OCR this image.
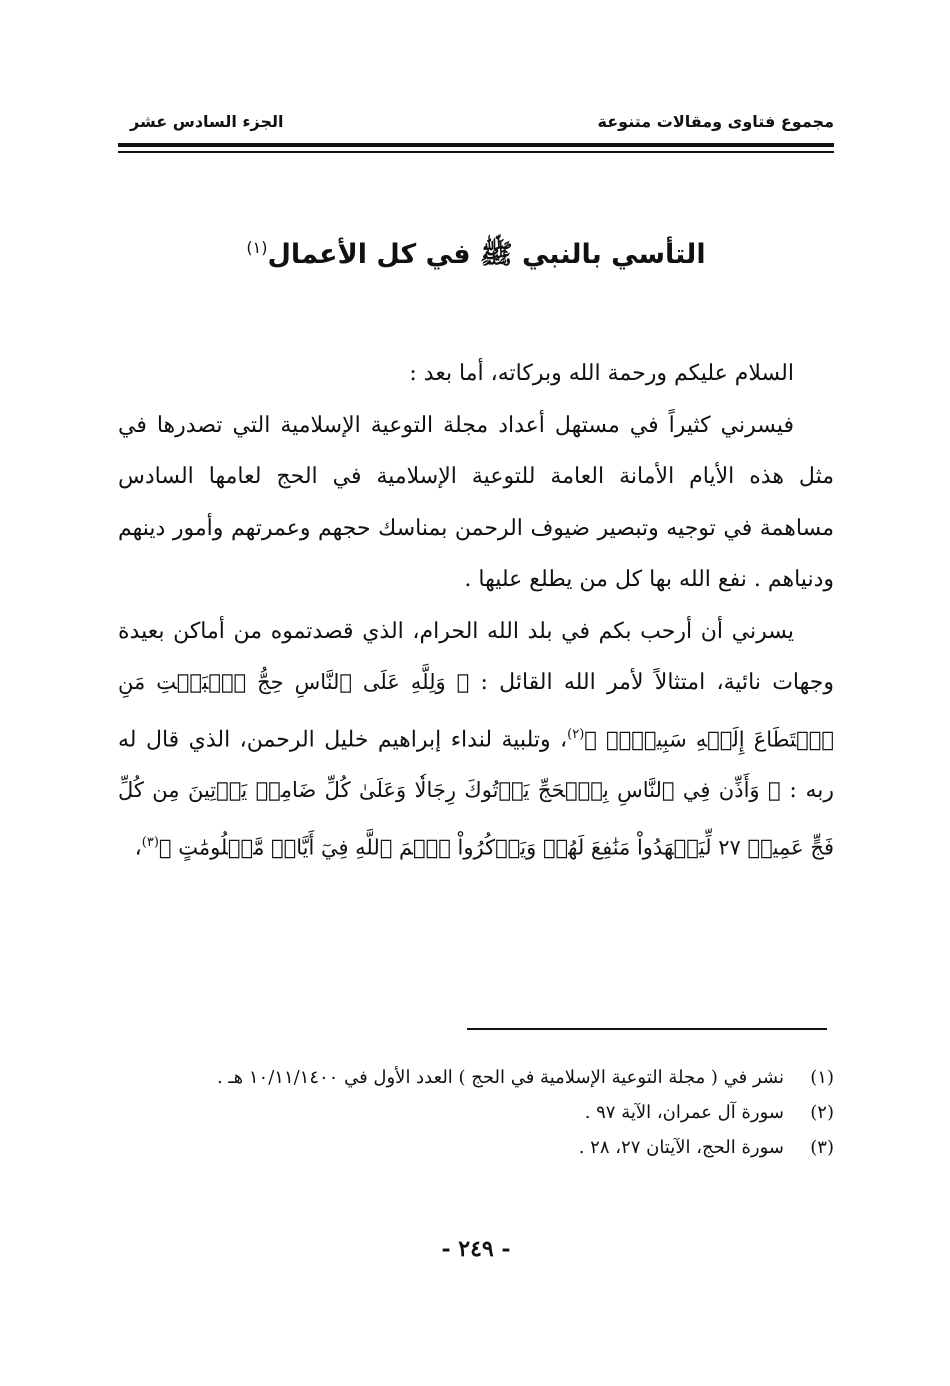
مجموع فتاوى ومقالات متنوعة
الجزء السادس عشر
التأسي بالنبي ﷺ في كل الأعمال$^{(١)}$

السلام عليكم ورحمة الله وبركاته، أما بعد :

فيسرني كثيراً في مستهل أعداد مجلة التوعية الإسلامية التي تصدرها في مثل هذه الأيام الأمانة العامة للتوعية الإسلامية في الحج لعامها السادس مساهمة في توجيه وتبصير ضيوف الرحمن بمناسك حجهم وعمرتهم وأمور دينهم ودنياهم . نفع الله بها كل من يطلع عليها .

يسرني أن أرحب بكم في بلد الله الحرام، الذي قصدتموه من أماكن بعيدة وجهات نائية، امتثالاً لأمر الله القائل : ﴿ وَلِلَّهِ عَلَى ٱلنَّاسِ حِجُّ ٱلۡبَيۡتِ مَنِ ٱسۡتَطَاعَ إِلَيۡهِ سَبِيلٗاۚ ﴾$^{(٢)}$، وتلبية لنداء إبراهيم خليل الرحمن، الذي قال له ربه : ﴿ وَأَذِّن فِي ٱلنَّاسِ بِٱلۡحَجِّ يَأۡتُوكَ رِجَالٗا وَعَلَىٰ كُلِّ ضَامِرٖ يَأۡتِينَ مِن كُلِّ فَجٍّ عَمِيقٖ ٢٧ لِّيَشۡهَدُواْ مَنَٰفِعَ لَهُمۡ وَيَذۡكُرُواْ ٱسۡمَ ٱللَّهِ فِيٓ أَيَّامٖ مَّعۡلُومَٰتٍ ﴾$^{(٣)}$،

(١)
نشر في ( مجلة التوعية الإسلامية في الحج ) العدد الأول في ١٠/١١/١٤٠٠ هـ .
(٢)
سورة آل عمران، الآية ٩٧ .
(٣)
سورة الحج، الآيتان ٢٧، ٢٨ .
- ٢٤٩ -
